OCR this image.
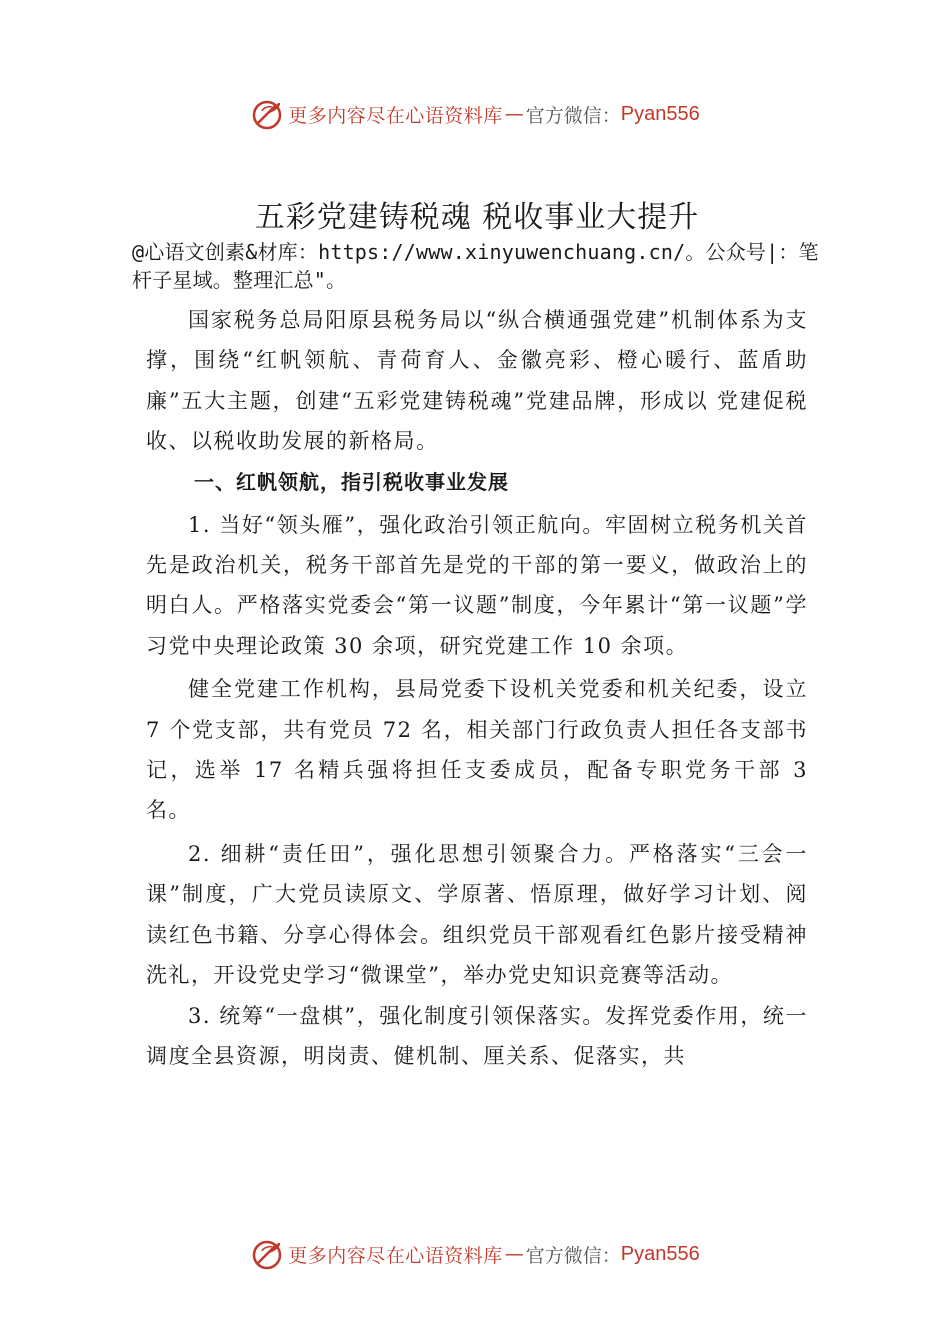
更多内容尽在心语资料库 — 官方微信： Pyan556
五彩党建铸税魂 税收事业大提升
@心语文创素&材库：https://www.xinyuwenchuang.cn/。公众号|：笔杆子星域。整理汇总"。

国家税务总局阳原县税务局以“纵合横通强党建”机制体系为支撑，围绕“红帆领航、青荷育人、金徽亮彩、橙心暖行、蓝盾助廉”五大主题，创建“五彩党建铸税魂”党建品牌，形成以 党建促税收、以税收助发展的新格局。

一、红帆领航，指引税收事业发展

1. 当好“领头雁”，强化政治引领正航向。牢固树立税务机关首先是政治机关，税务干部首先是党的干部的第一要义，做政治上的明白人。严格落实党委会“第一议题”制度，今年累计“第一议题”学习党中央理论政策 30 余项，研究党建工作 10 余项。

健全党建工作机构，县局党委下设机关党委和机关纪委，设立 7 个党支部，共有党员 72 名，相关部门行政负责人担任各支部书记，选举 17 名精兵强将担任支委成员，配备专职党务干部 3 名。

2. 细耕“责任田”，强化思想引领聚合力。严格落实“三会一课”制度，广大党员读原文、学原著、悟原理，做好学习计划、阅读红色书籍、分享心得体会。组织党员干部观看红色影片接受精神洗礼，开设党史学习“微课堂”，举办党史知识竞赛等活动。

3. 统筹“一盘棋”，强化制度引领保落实。发挥党委作用，统一调度全县资源，明岗责、健机制、厘关系、促落实，共

更多内容尽在心语资料库 — 官方微信： Pyan556
